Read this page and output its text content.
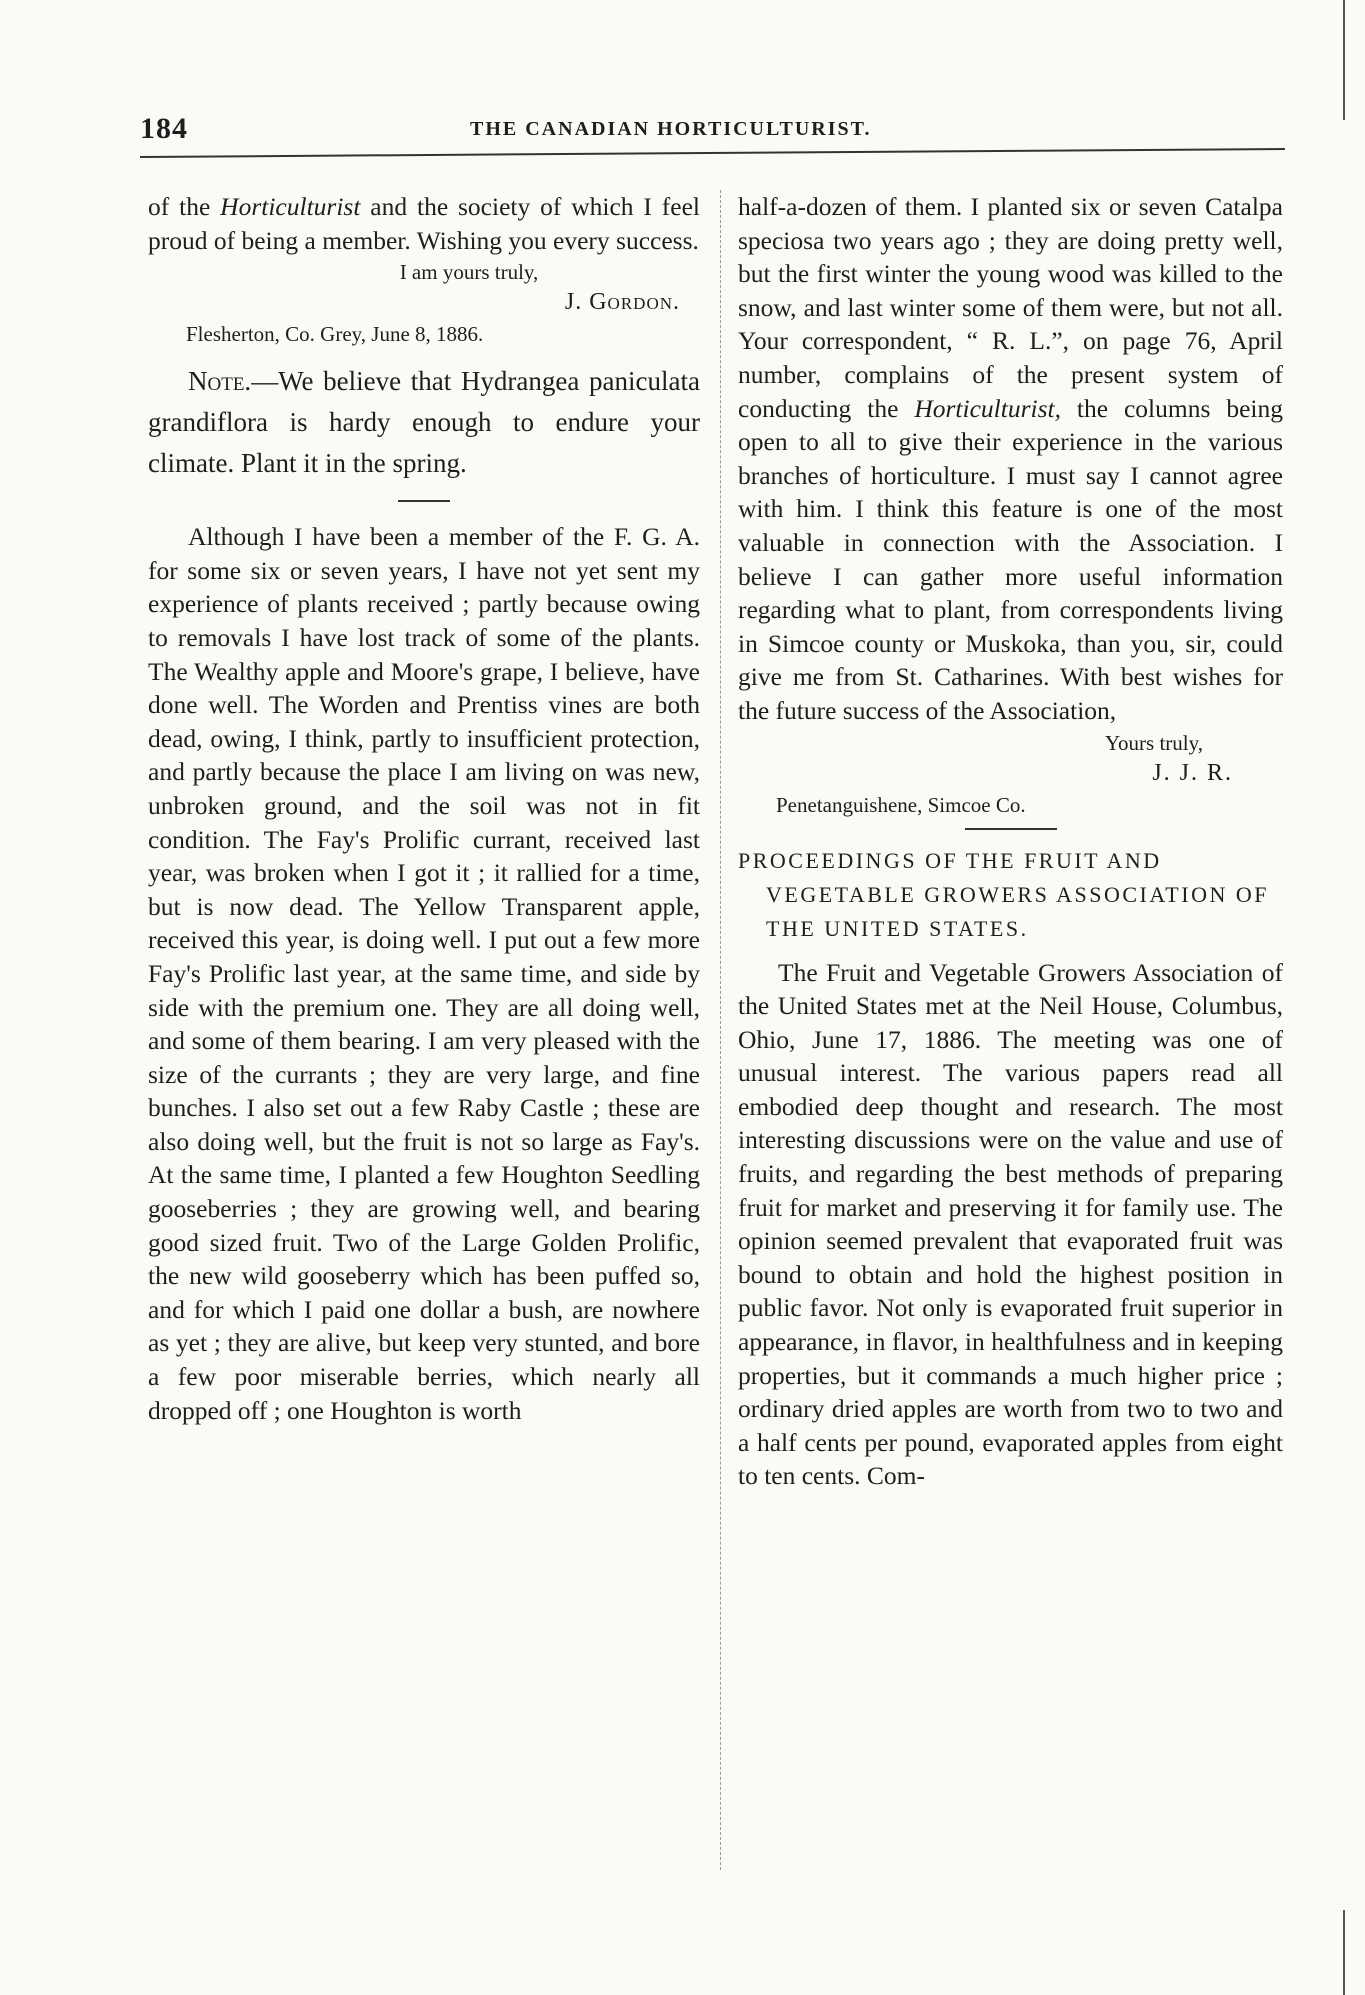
184	THE CANADIAN HORTICULTURIST.

of the Horticulturist and the society of which I feel proud of being a member. Wishing you every success.

I am yours truly,

J. Gordon.

Flesherton, Co. Grey, June 8, 1886.

Note.—We believe that Hydrangea paniculata grandiflora is hardy enough to endure your climate. Plant it in the spring.

Although I have been a member of the F. G. A. for some six or seven years, I have not yet sent my experience of plants received ; partly because owing to removals I have lost track of some of the plants. The Wealthy apple and Moore's grape, I believe, have done well. The Worden and Prentiss vines are both dead, owing, I think, partly to insufficient protection, and partly because the place I am living on was new, unbroken ground, and the soil was not in fit condition. The Fay's Prolific currant, received last year, was broken when I got it ; it rallied for a time, but is now dead. The Yellow Transparent apple, received this year, is doing well. I put out a few more Fay's Prolific last year, at the same time, and side by side with the premium one. They are all doing well, and some of them bearing. I am very pleased with the size of the currants ; they are very large, and fine bunches. I also set out a few Raby Castle ; these are also doing well, but the fruit is not so large as Fay's. At the same time, I planted a few Houghton Seedling gooseberries ; they are growing well, and bearing good sized fruit. Two of the Large Golden Prolific, the new wild gooseberry which has been puffed so, and for which I paid one dollar a bush, are nowhere as yet ; they are alive, but keep very stunted, and bore a few poor miserable berries, which nearly all dropped off ; one Houghton is worth

half-a-dozen of them. I planted six or seven Catalpa speciosa two years ago ; they are doing pretty well, but the first winter the young wood was killed to the snow, and last winter some of them were, but not all. Your correspondent, “ R. L.”, on page 76, April number, complains of the present system of conducting the Horticulturist, the columns being open to all to give their experience in the various branches of horticulture. I must say I cannot agree with him. I think this feature is one of the most valuable in connection with the Association. I believe I can gather more useful information regarding what to plant, from correspondents living in Simcoe county or Muskoka, than you, sir, could give me from St. Catharines. With best wishes for the future success of the Association,

Yours truly,

J. J. R.

Penetanguishene, Simcoe Co.

PROCEEDINGS OF THE FRUIT AND VEGETABLE GROWERS ASSOCIATION OF THE UNITED STATES.

The Fruit and Vegetable Growers Association of the United States met at the Neil House, Columbus, Ohio, June 17, 1886. The meeting was one of unusual interest. The various papers read all embodied deep thought and research. The most interesting discussions were on the value and use of fruits, and regarding the best methods of preparing fruit for market and preserving it for family use. The opinion seemed prevalent that evaporated fruit was bound to obtain and hold the highest position in public favor. Not only is evaporated fruit superior in appearance, in flavor, in healthfulness and in keeping properties, but it commands a much higher price ; ordinary dried apples are worth from two to two and a half cents per pound, evaporated apples from eight to ten cents. Com-
